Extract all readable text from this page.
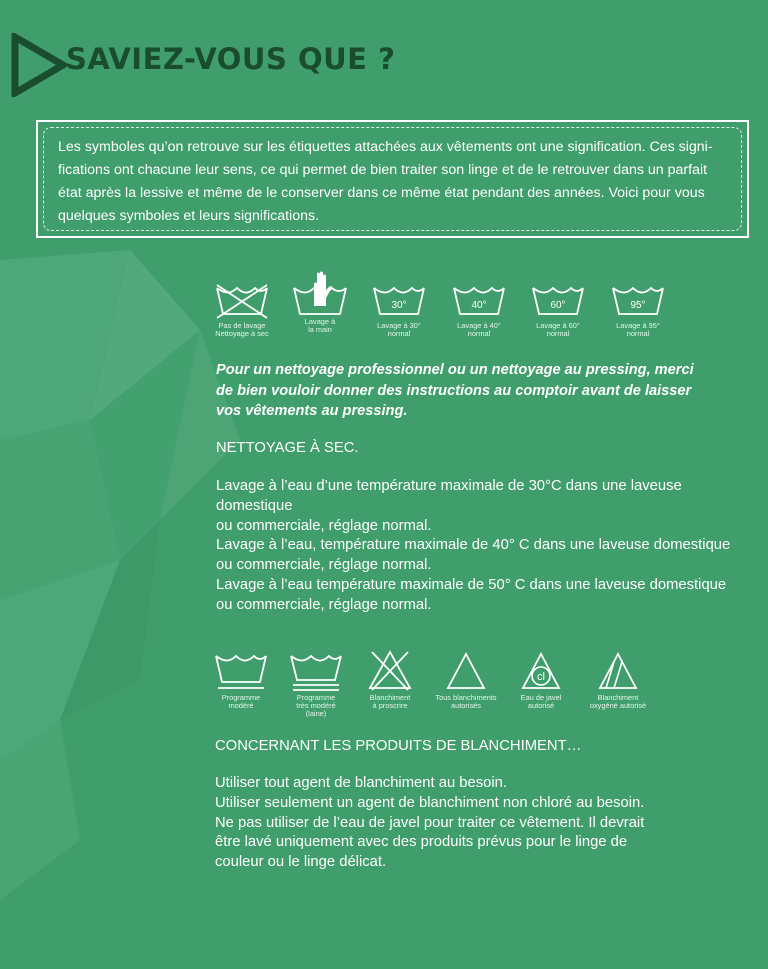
SAVIEZ-VOUS QUE ?
Les symboles qu’on retrouve sur les étiquettes attachées aux vêtements ont une signification. Ces signi-
fications ont chacune leur sens, ce qui permet de bien traiter son linge et de le retrouver dans un parfait
état après la lessive et même de le conserver dans ce même état pendant des années. Voici pour vous
quelques symboles et leurs significations.
Pas de lavage
Nettoyage à sec
Lavage à
la main
30°
Lavage à 30°
normal
40°
Lavage à 40°
normal
60°
Lavage à 60°
normal
95°
Lavage à 95°
normal
Pour un nettoyage professionnel ou un nettoyage au pressing, merci
de bien vouloir donner des instructions au comptoir avant de laisser
vos vêtements au pressing.
NETTOYAGE À SEC.
Lavage à l’eau d’une température maximale de 30°C dans une laveuse domestique
ou commerciale, réglage normal.
Lavage à l’eau, température maximale de 40° C dans une laveuse domestique
ou commerciale, réglage normal.
Lavage à l’eau température maximale de 50° C dans une laveuse domestique
ou commerciale, réglage normal.
Programme
modéré
Programme
très modéré
(laine)
Blanchiment
à proscrire
Tous blanchiments
autorisés
cl
Eau de javel
autorisé
Blanchiment
oxygéné autorisé
CONCERNANT LES PRODUITS DE BLANCHIMENT…
Utiliser tout agent de blanchiment au besoin.
Utiliser seulement un agent de blanchiment non chloré au besoin.
Ne pas utiliser de l’eau de javel pour traiter ce vêtement. Il devrait
être lavé uniquement avec des produits prévus pour le linge de
couleur ou le linge délicat.
